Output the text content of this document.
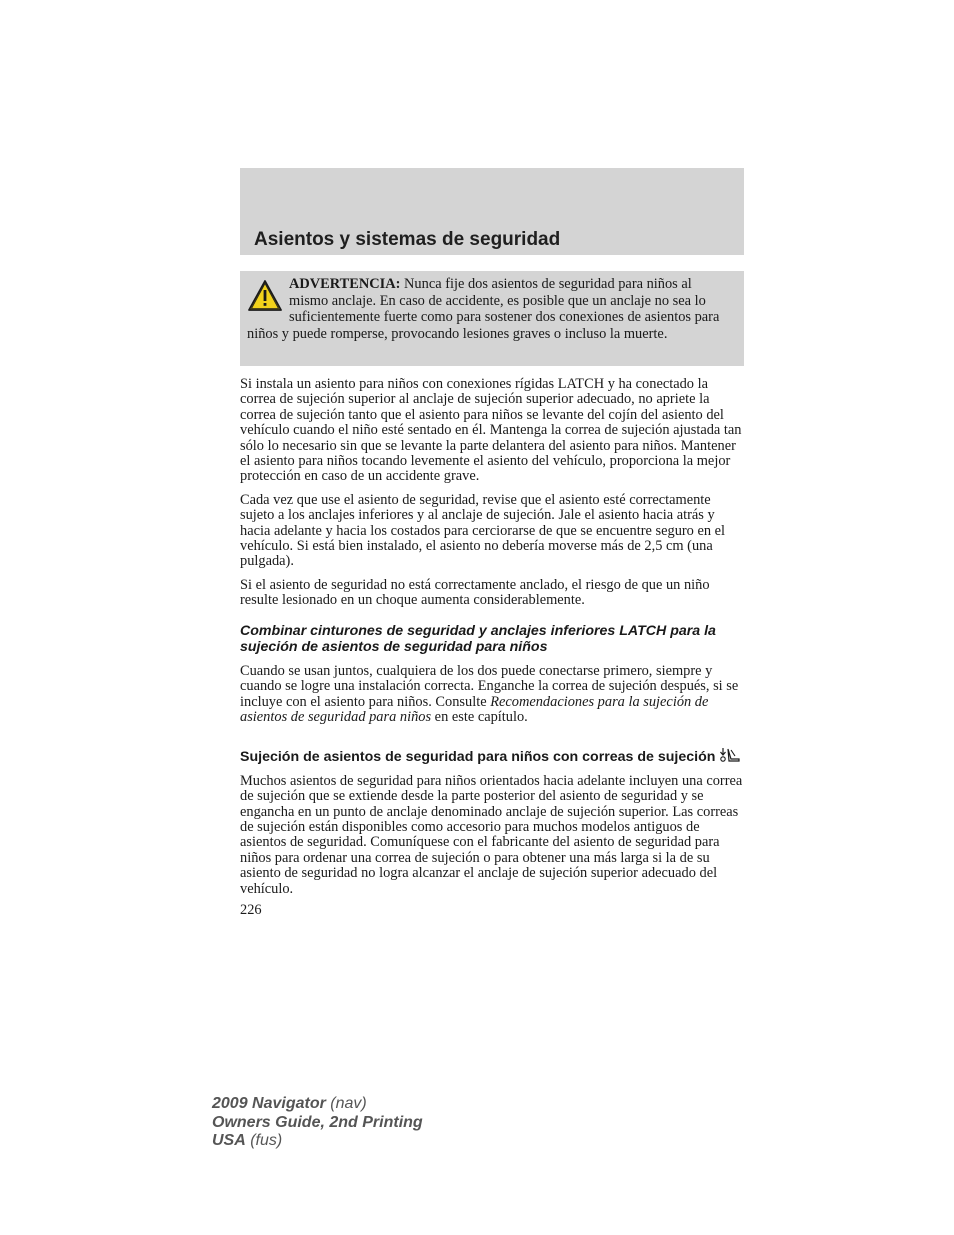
Asientos y sistemas de seguridad

ADVERTENCIA: Nunca fije dos asientos de seguridad para niños al mismo anclaje. En caso de accidente, es posible que un anclaje no sea lo suficientemente fuerte como para sostener dos conexiones de asientos para niños y puede romperse, provocando lesiones graves o incluso la muerte.

Si instala un asiento para niños con conexiones rígidas LATCH y ha conectado la correa de sujeción superior al anclaje de sujeción superior adecuado, no apriete la correa de sujeción tanto que el asiento para niños se levante del cojín del asiento del vehículo cuando el niño esté sentado en él. Mantenga la correa de sujeción ajustada tan sólo lo necesario sin que se levante la parte delantera del asiento para niños. Mantener el asiento para niños tocando levemente el asiento del vehículo, proporciona la mejor protección en caso de un accidente grave.

Cada vez que use el asiento de seguridad, revise que el asiento esté correctamente sujeto a los anclajes inferiores y al anclaje de sujeción. Jale el asiento hacia atrás y hacia adelante y hacia los costados para cerciorarse de que se encuentre seguro en el vehículo. Si está bien instalado, el asiento no debería moverse más de 2,5 cm (una pulgada).

Si el asiento de seguridad no está correctamente anclado, el riesgo de que un niño resulte lesionado en un choque aumenta considerablemente.

Combinar cinturones de seguridad y anclajes inferiores LATCH para la sujeción de asientos de seguridad para niños

Cuando se usan juntos, cualquiera de los dos puede conectarse primero, siempre y cuando se logre una instalación correcta. Enganche la correa de sujeción después, si se incluye con el asiento para niños. Consulte Recomendaciones para la sujeción de asientos de seguridad para niños en este capítulo.

Sujeción de asientos de seguridad para niños con correas de sujeción

Muchos asientos de seguridad para niños orientados hacia adelante incluyen una correa de sujeción que se extiende desde la parte posterior del asiento de seguridad y se engancha en un punto de anclaje denominado anclaje de sujeción superior. Las correas de sujeción están disponibles como accesorio para muchos modelos antiguos de asientos de seguridad. Comuníquese con el fabricante del asiento de seguridad para niños para ordenar una correa de sujeción o para obtener una más larga si la de su asiento de seguridad no logra alcanzar el anclaje de sujeción superior adecuado del vehículo.

226
2009 Navigator (nav)
Owners Guide, 2nd Printing
USA (fus)
